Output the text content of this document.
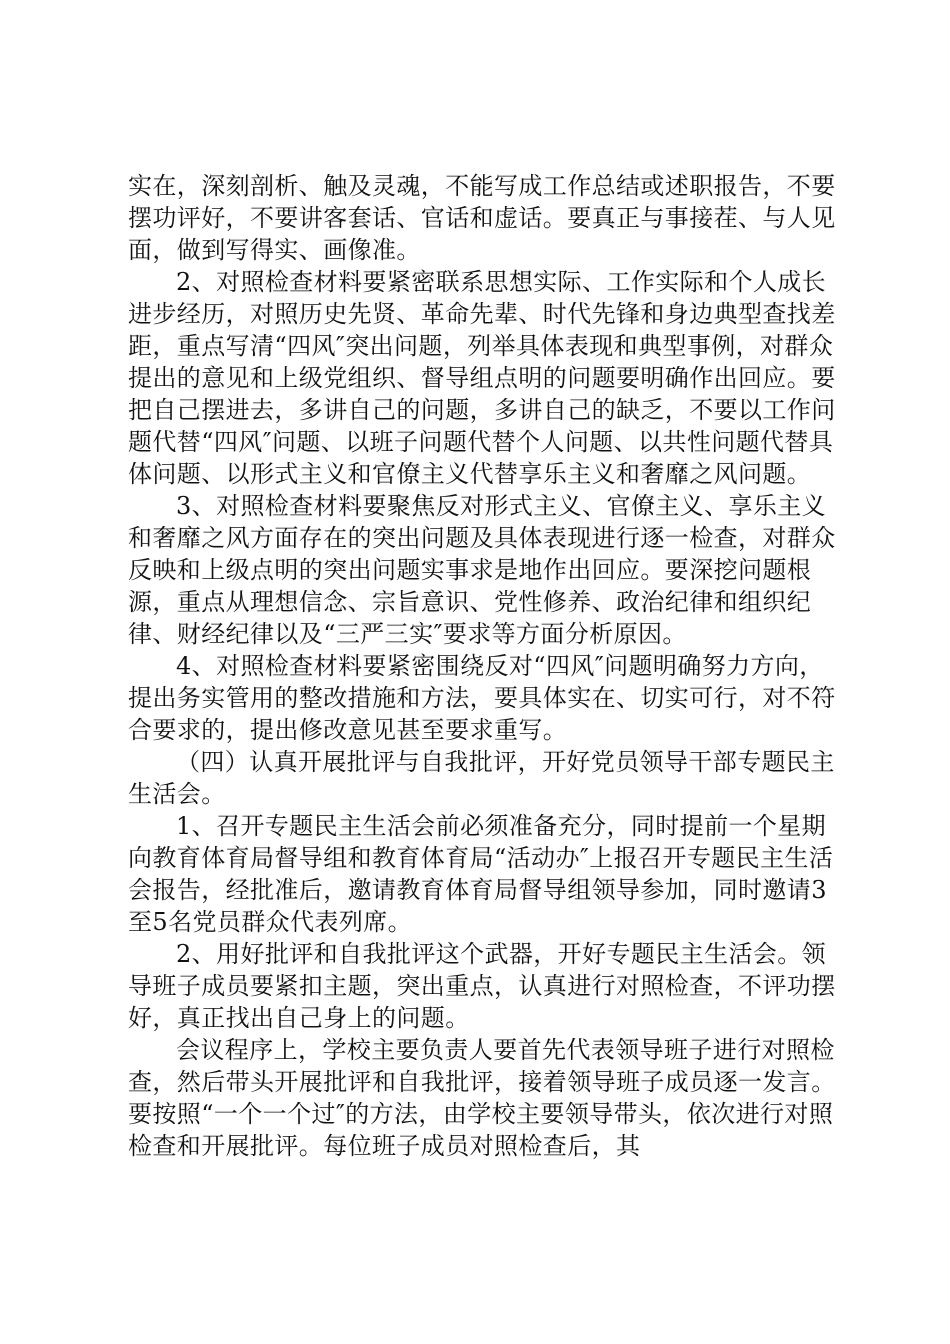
实在，深刻剖析、触及灵魂，不能写成工作总结或述职报告，不要摆功评好，不要讲客套话、官话和虚话。要真正与事接茬、与人见面，做到写得实、画像准。

2、对照检查材料要紧密联系思想实际、工作实际和个人成长进步经历，对照历史先贤、革命先辈、时代先锋和身边典型查找差距，重点写清“四风″突出问题，列举具体表现和典型事例，对群众提出的意见和上级党组织、督导组点明的问题要明确作出回应。要把自己摆进去，多讲自己的问题，多讲自己的缺乏，不要以工作问题代替“四风″问题、以班子问题代替个人问题、以共性问题代替具体问题、以形式主义和官僚主义代替享乐主义和奢靡之风问题。

3、对照检查材料要聚焦反对形式主义、官僚主义、享乐主义和奢靡之风方面存在的突出问题及具体表现进行逐一检查，对群众反映和上级点明的突出问题实事求是地作出回应。要深挖问题根源，重点从理想信念、宗旨意识、党性修养、政治纪律和组织纪律、财经纪律以及“三严三实″要求等方面分析原因。

4、对照检查材料要紧密围绕反对“四风″问题明确努力方向，提出务实管用的整改措施和方法，要具体实在、切实可行，对不符合要求的，提出修改意见甚至要求重写。

（四）认真开展批评与自我批评，开好党员领导干部专题民主生活会。

1、召开专题民主生活会前必须准备充分，同时提前一个星期向教育体育局督导组和教育体育局“活动办″上报召开专题民主生活会报告，经批准后，邀请教育体育局督导组领导参加，同时邀请3至5名党员群众代表列席。

2、用好批评和自我批评这个武器，开好专题民主生活会。领导班子成员要紧扣主题，突出重点，认真进行对照检查，不评功摆好，真正找出自己身上的问题。

会议程序上，学校主要负责人要首先代表领导班子进行对照检查，然后带头开展批评和自我批评，接着领导班子成员逐一发言。要按照“一个一个过″的方法，由学校主要领导带头，依次进行对照检查和开展批评。每位班子成员对照检查后，其
